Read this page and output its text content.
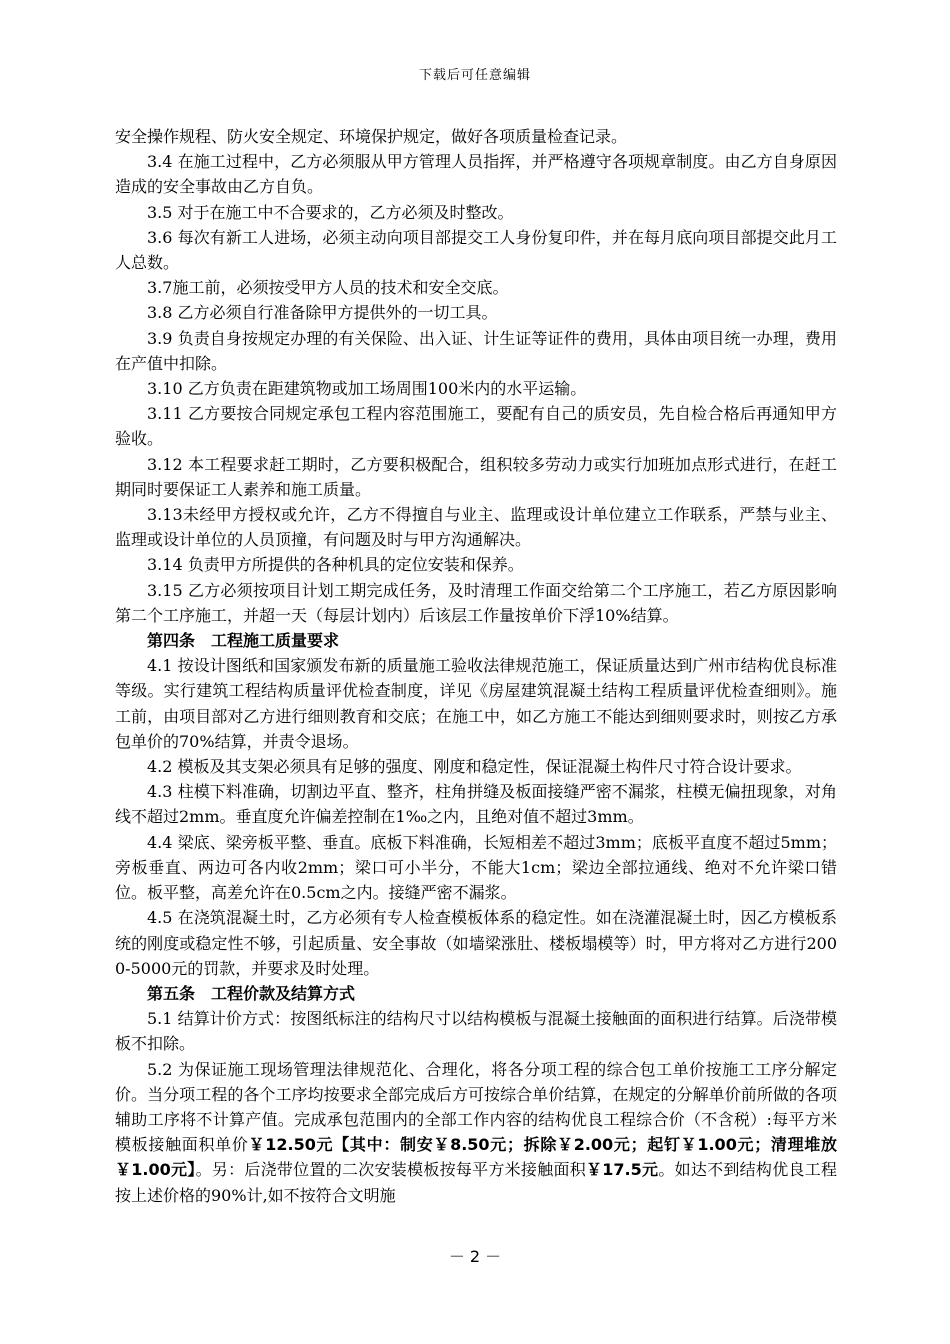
下载后可任意编辑

安全操作规程、防火安全规定、环境保护规定，做好各项质量检查记录。

3.4 在施工过程中，乙方必须服从甲方管理人员指挥，并严格遵守各项规章制度。由乙方自身原因造成的安全事故由乙方自负。

3.5 对于在施工中不合要求的，乙方必须及时整改。

3.6 每次有新工人进场，必须主动向项目部提交工人身份复印件，并在每月底向项目部提交此月工人总数。

3.7施工前，必须按受甲方人员的技术和安全交底。

3.8 乙方必须自行准备除甲方提供外的一切工具。

3.9 负责自身按规定办理的有关保险、出入证、计生证等证件的费用，具体由项目统一办理，费用在产值中扣除。

3.10 乙方负责在距建筑物或加工场周围100米内的水平运输。

3.11 乙方要按合同规定承包工程内容范围施工，要配有自己的质安员，先自检合格后再通知甲方验收。

3.12 本工程要求赶工期时，乙方要积极配合，组积较多劳动力或实行加班加点形式进行，在赶工期同时要保证工人素养和施工质量。

3.13未经甲方授权或允许，乙方不得擅自与业主、监理或设计单位建立工作联系，严禁与业主、监理或设计单位的人员顶撞，有问题及时与甲方沟通解决。

3.14 负责甲方所提供的各种机具的定位安装和保养。

3.15 乙方必须按项目计划工期完成任务，及时清理工作面交给第二个工序施工，若乙方原因影响第二个工序施工，并超一天（每层计划内）后该层工作量按单价下浮10%结算。

第四条　工程施工质量要求

4.1 按设计图纸和国家颁发布新的质量施工验收法律规范施工，保证质量达到广州市结构优良标准等级。实行建筑工程结构质量评优检查制度，详见《房屋建筑混凝土结构工程质量评优检查细则》。施工前，由项目部对乙方进行细则教育和交底；在施工中，如乙方施工不能达到细则要求时，则按乙方承包单价的70%结算，并责令退场。

4.2 模板及其支架必须具有足够的强度、刚度和稳定性，保证混凝土构件尺寸符合设计要求。

4.3 柱模下料准确，切割边平直、整齐，柱角拼缝及板面接缝严密不漏浆，柱模无偏扭现象，对角线不超过2mm。垂直度允许偏差控制在1‰之内，且绝对值不超过3mm。

4.4 梁底、梁旁板平整、垂直。底板下料准确，长短相差不超过3mm；底板平直度不超过5mm；旁板垂直、两边可各内收2mm；梁口可小半分，不能大1cm；梁边全部拉通线、绝对不允许梁口错位。板平整，高差允许在0.5cm之内。接缝严密不漏浆。

4.5 在浇筑混凝土时，乙方必须有专人检查模板体系的稳定性。如在浇灌混凝土时，因乙方模板系统的刚度或稳定性不够，引起质量、安全事故（如墙梁涨肚、楼板塌模等）时，甲方将对乙方进行2000-5000元的罚款，并要求及时处理。

第五条　工程价款及结算方式

5.1 结算计价方式：按图纸标注的结构尺寸以结构模板与混凝土接触面的面积进行结算。后浇带模板不扣除。

5.2 为保证施工现场管理法律规范化、合理化，将各分项工程的综合包工单价按施工工序分解定价。当分项工程的各个工序均按要求全部完成后方可按综合单价结算，在规定的分解单价前所做的各项辅助工序将不计算产值。完成承包范围内的全部工作内容的结构优良工程综合价（不含税）:每平方米模板接触面积单价￥12.50元【其中：制安￥8.50元；拆除￥2.00元；起钉￥1.00元；清理堆放￥1.00元】。另：后浇带位置的二次安装模板按每平方米接触面积￥17.5元。如达不到结构优良工程按上述价格的90%计,如不按符合文明施

－ 2 －
